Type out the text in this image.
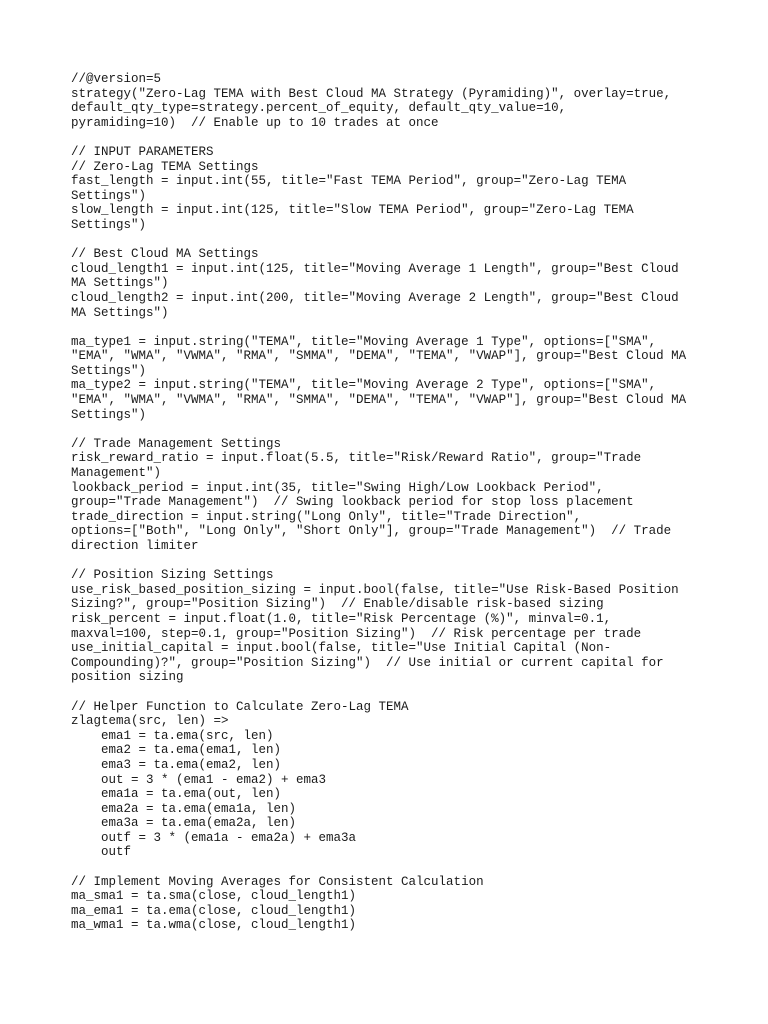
//@version=5
strategy("Zero-Lag TEMA with Best Cloud MA Strategy (Pyramiding)", overlay=true,
default_qty_type=strategy.percent_of_equity, default_qty_value=10,
pyramiding=10)  // Enable up to 10 trades at once
// INPUT PARAMETERS
// Zero-Lag TEMA Settings
fast_length = input.int(55, title="Fast TEMA Period", group="Zero-Lag TEMA
Settings")
slow_length = input.int(125, title="Slow TEMA Period", group="Zero-Lag TEMA
Settings")
// Best Cloud MA Settings
cloud_length1 = input.int(125, title="Moving Average 1 Length", group="Best Cloud
MA Settings")
cloud_length2 = input.int(200, title="Moving Average 2 Length", group="Best Cloud
MA Settings")
ma_type1 = input.string("TEMA", title="Moving Average 1 Type", options=["SMA",
"EMA", "WMA", "VWMA", "RMA", "SMMA", "DEMA", "TEMA", "VWAP"], group="Best Cloud MA
Settings")
ma_type2 = input.string("TEMA", title="Moving Average 2 Type", options=["SMA",
"EMA", "WMA", "VWMA", "RMA", "SMMA", "DEMA", "TEMA", "VWAP"], group="Best Cloud MA
Settings")
// Trade Management Settings
risk_reward_ratio = input.float(5.5, title="Risk/Reward Ratio", group="Trade
Management")
lookback_period = input.int(35, title="Swing High/Low Lookback Period",
group="Trade Management")  // Swing lookback period for stop loss placement
trade_direction = input.string("Long Only", title="Trade Direction",
options=["Both", "Long Only", "Short Only"], group="Trade Management")  // Trade
direction limiter
// Position Sizing Settings
use_risk_based_position_sizing = input.bool(false, title="Use Risk-Based Position
Sizing?", group="Position Sizing")  // Enable/disable risk-based sizing
risk_percent = input.float(1.0, title="Risk Percentage (%)", minval=0.1,
maxval=100, step=0.1, group="Position Sizing")  // Risk percentage per trade
use_initial_capital = input.bool(false, title="Use Initial Capital (Non-
Compounding)?", group="Position Sizing")  // Use initial or current capital for
position sizing
// Helper Function to Calculate Zero-Lag TEMA
zlagtema(src, len) =>
ema1 = ta.ema(src, len)
ema2 = ta.ema(ema1, len)
ema3 = ta.ema(ema2, len)
out = 3 * (ema1 - ema2) + ema3
ema1a = ta.ema(out, len)
ema2a = ta.ema(ema1a, len)
ema3a = ta.ema(ema2a, len)
outf = 3 * (ema1a - ema2a) + ema3a
outf
// Implement Moving Averages for Consistent Calculation
ma_sma1 = ta.sma(close, cloud_length1)
ma_ema1 = ta.ema(close, cloud_length1)
ma_wma1 = ta.wma(close, cloud_length1)
